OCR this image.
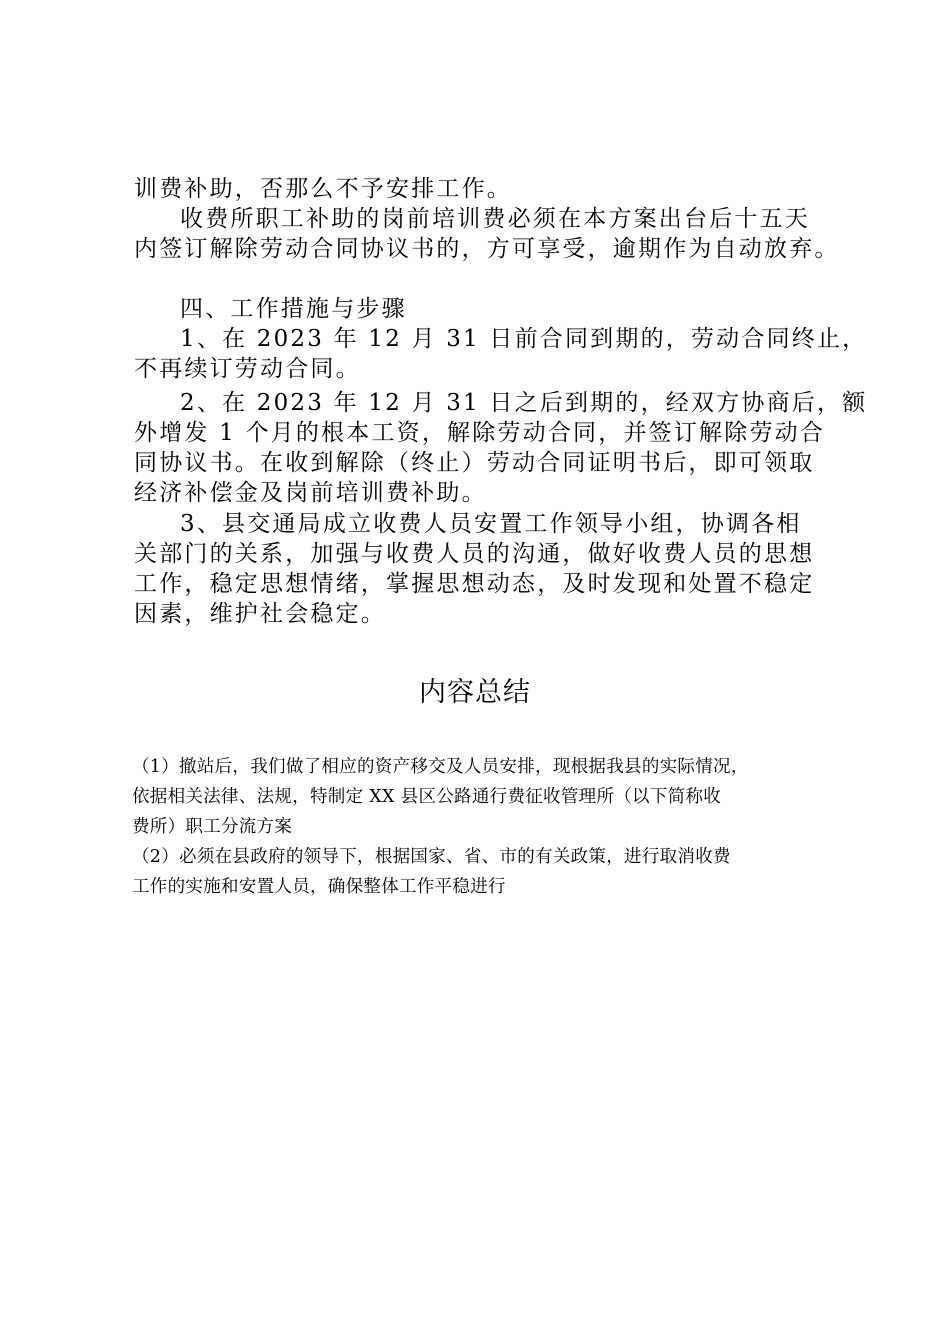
训费补助，否那么不予安排工作。
收费所职工补助的岗前培训费必须在本方案出台后十五天
内签订解除劳动合同协议书的，方可享受，逾期作为自动放弃。
四、工作措施与步骤
1、在 2023 年 12 月 31 日前合同到期的，劳动合同终止，
不再续订劳动合同。
2、在 2023 年 12 月 31 日之后到期的，经双方协商后，额
外增发 1 个月的根本工资，解除劳动合同，并签订解除劳动合
同协议书。在收到解除（终止）劳动合同证明书后，即可领取
经济补偿金及岗前培训费补助。
3、县交通局成立收费人员安置工作领导小组，协调各相
关部门的关系，加强与收费人员的沟通，做好收费人员的思想
工作，稳定思想情绪，掌握思想动态，及时发现和处置不稳定
因素，维护社会稳定。
内容总结
（1）撤站后，我们做了相应的资产移交及人员安排，现根据我县的实际情况，
依据相关法律、法规，特制定 XX 县区公路通行费征收管理所（以下简称收
费所）职工分流方案
（2）必须在县政府的领导下，根据国家、省、市的有关政策，进行取消收费
工作的实施和安置人员，确保整体工作平稳进行
